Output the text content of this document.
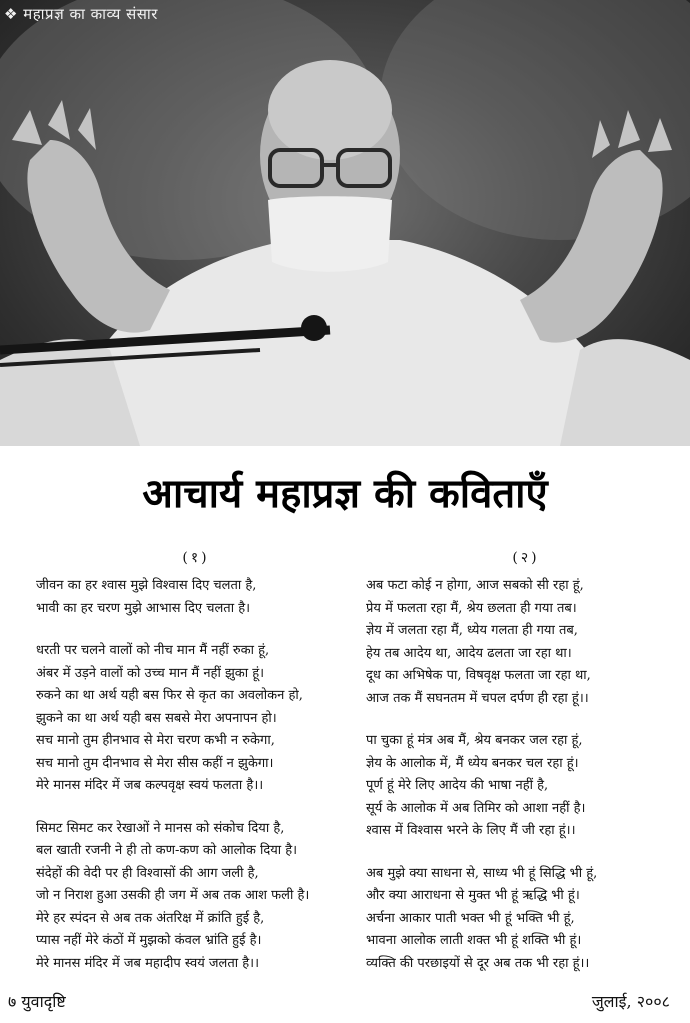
❖ महाप्रज्ञ का काव्य संसार
आचार्य महाप्रज्ञ की कविताएँ
(१)
जीवन का हर श्वास मुझे विश्वास दिए चलता है,
भावी का हर चरण मुझे आभास दिए चलता है।
धरती पर चलने वालों को नीच मान मैं नहीं रुका हूं,
अंबर में उड़ने वालों को उच्च मान मैं नहीं झुका हूं।
रुकने का था अर्थ यही बस फिर से कृत का अवलोकन हो,
झुकने का था अर्थ यही बस सबसे मेरा अपनापन हो।
सच मानो तुम हीनभाव से मेरा चरण कभी न रुकेगा,
सच मानो तुम दीनभाव से मेरा सीस कहीं न झुकेगा।
मेरे मानस मंदिर में जब कल्पवृक्ष स्वयं फलता है।।
सिमट सिमट कर रेखाओं ने मानस को संकोच दिया है,
बल खाती रजनी ने ही तो कण-कण को आलोक दिया है।
संदेहों की वेदी पर ही विश्वासों की आग जली है,
जो न निराश हुआ उसकी ही जग में अब तक आश फली है।
मेरे हर स्पंदन से अब तक अंतरिक्ष में क्रांति हुई है,
प्यास नहीं मेरे कंठों में मुझको कंवल भ्रांति हुई है।
मेरे मानस मंदिर में जब महादीप स्वयं जलता है।।
(२)
अब फटा कोई न होगा, आज सबको सी रहा हूं,
प्रेय में फलता रहा मैं, श्रेय छलता ही गया तब।
ज्ञेय में जलता रहा मैं, ध्येय गलता ही गया तब,
हेय तब आदेय था, आदेय ढलता जा रहा था।
दूध का अभिषेक पा, विषवृक्ष फलता जा रहा था,
आज तक मैं सघनतम में चपल दर्पण ही रहा हूं।।
पा चुका हूं मंत्र अब मैं, श्रेय बनकर जल रहा हूं,
ज्ञेय के आलोक में, मैं ध्येय बनकर चल रहा हूं।
पूर्ण हूं मेरे लिए आदेय की भाषा नहीं है,
सूर्य के आलोक में अब तिमिर को आशा नहीं है।
श्वास में विश्वास भरने के लिए मैं जी रहा हूं।।
अब मुझे क्या साधना से, साध्य भी हूं सिद्धि भी हूं,
और क्या आराधना से मुक्त भी हूं ऋद्धि भी हूं।
अर्चना आकार पाती भक्त भी हूं भक्ति भी हूं,
भावना आलोक लाती शक्त भी हूं शक्ति भी हूं।
व्यक्ति की परछाइयों से दूर अब तक भी रहा हूं।।
७ युवादृष्टि	जुलाई, २००८
